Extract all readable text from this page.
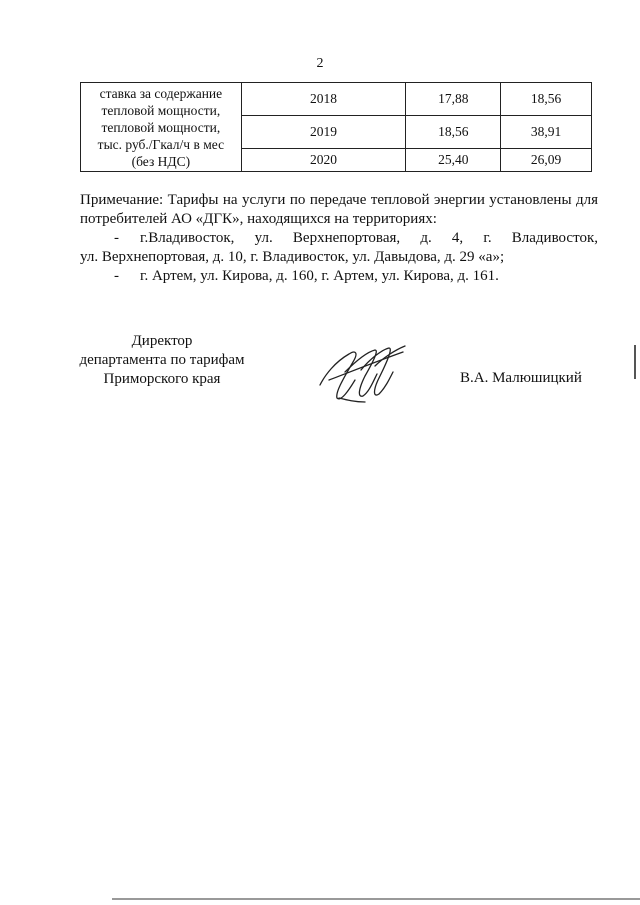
2
ставка за содержание
тепловой мощности,
тепловой мощности,
тыс. руб./Гкал/ч в мес
(без НДС)	2018	17,88	18,56
	2019	18,56	38,91
	2020	25,40	26,09

Примечание: Тарифы на услуги по передаче тепловой энергии установлены для потребителей АО «ДГК», находящихся на территориях:

- г.Владивосток, ул. Верхнепортовая, д. 4, г. Владивосток,

ул. Верхнепортовая, д. 10, г. Владивосток, ул. Давыдова, д. 29 «а»;

- г. Артем, ул. Кирова, д. 160, г. Артем, ул. Кирова, д. 161.

Директор
департамента по тарифам
Приморского края	В.А. Малюшицкий
